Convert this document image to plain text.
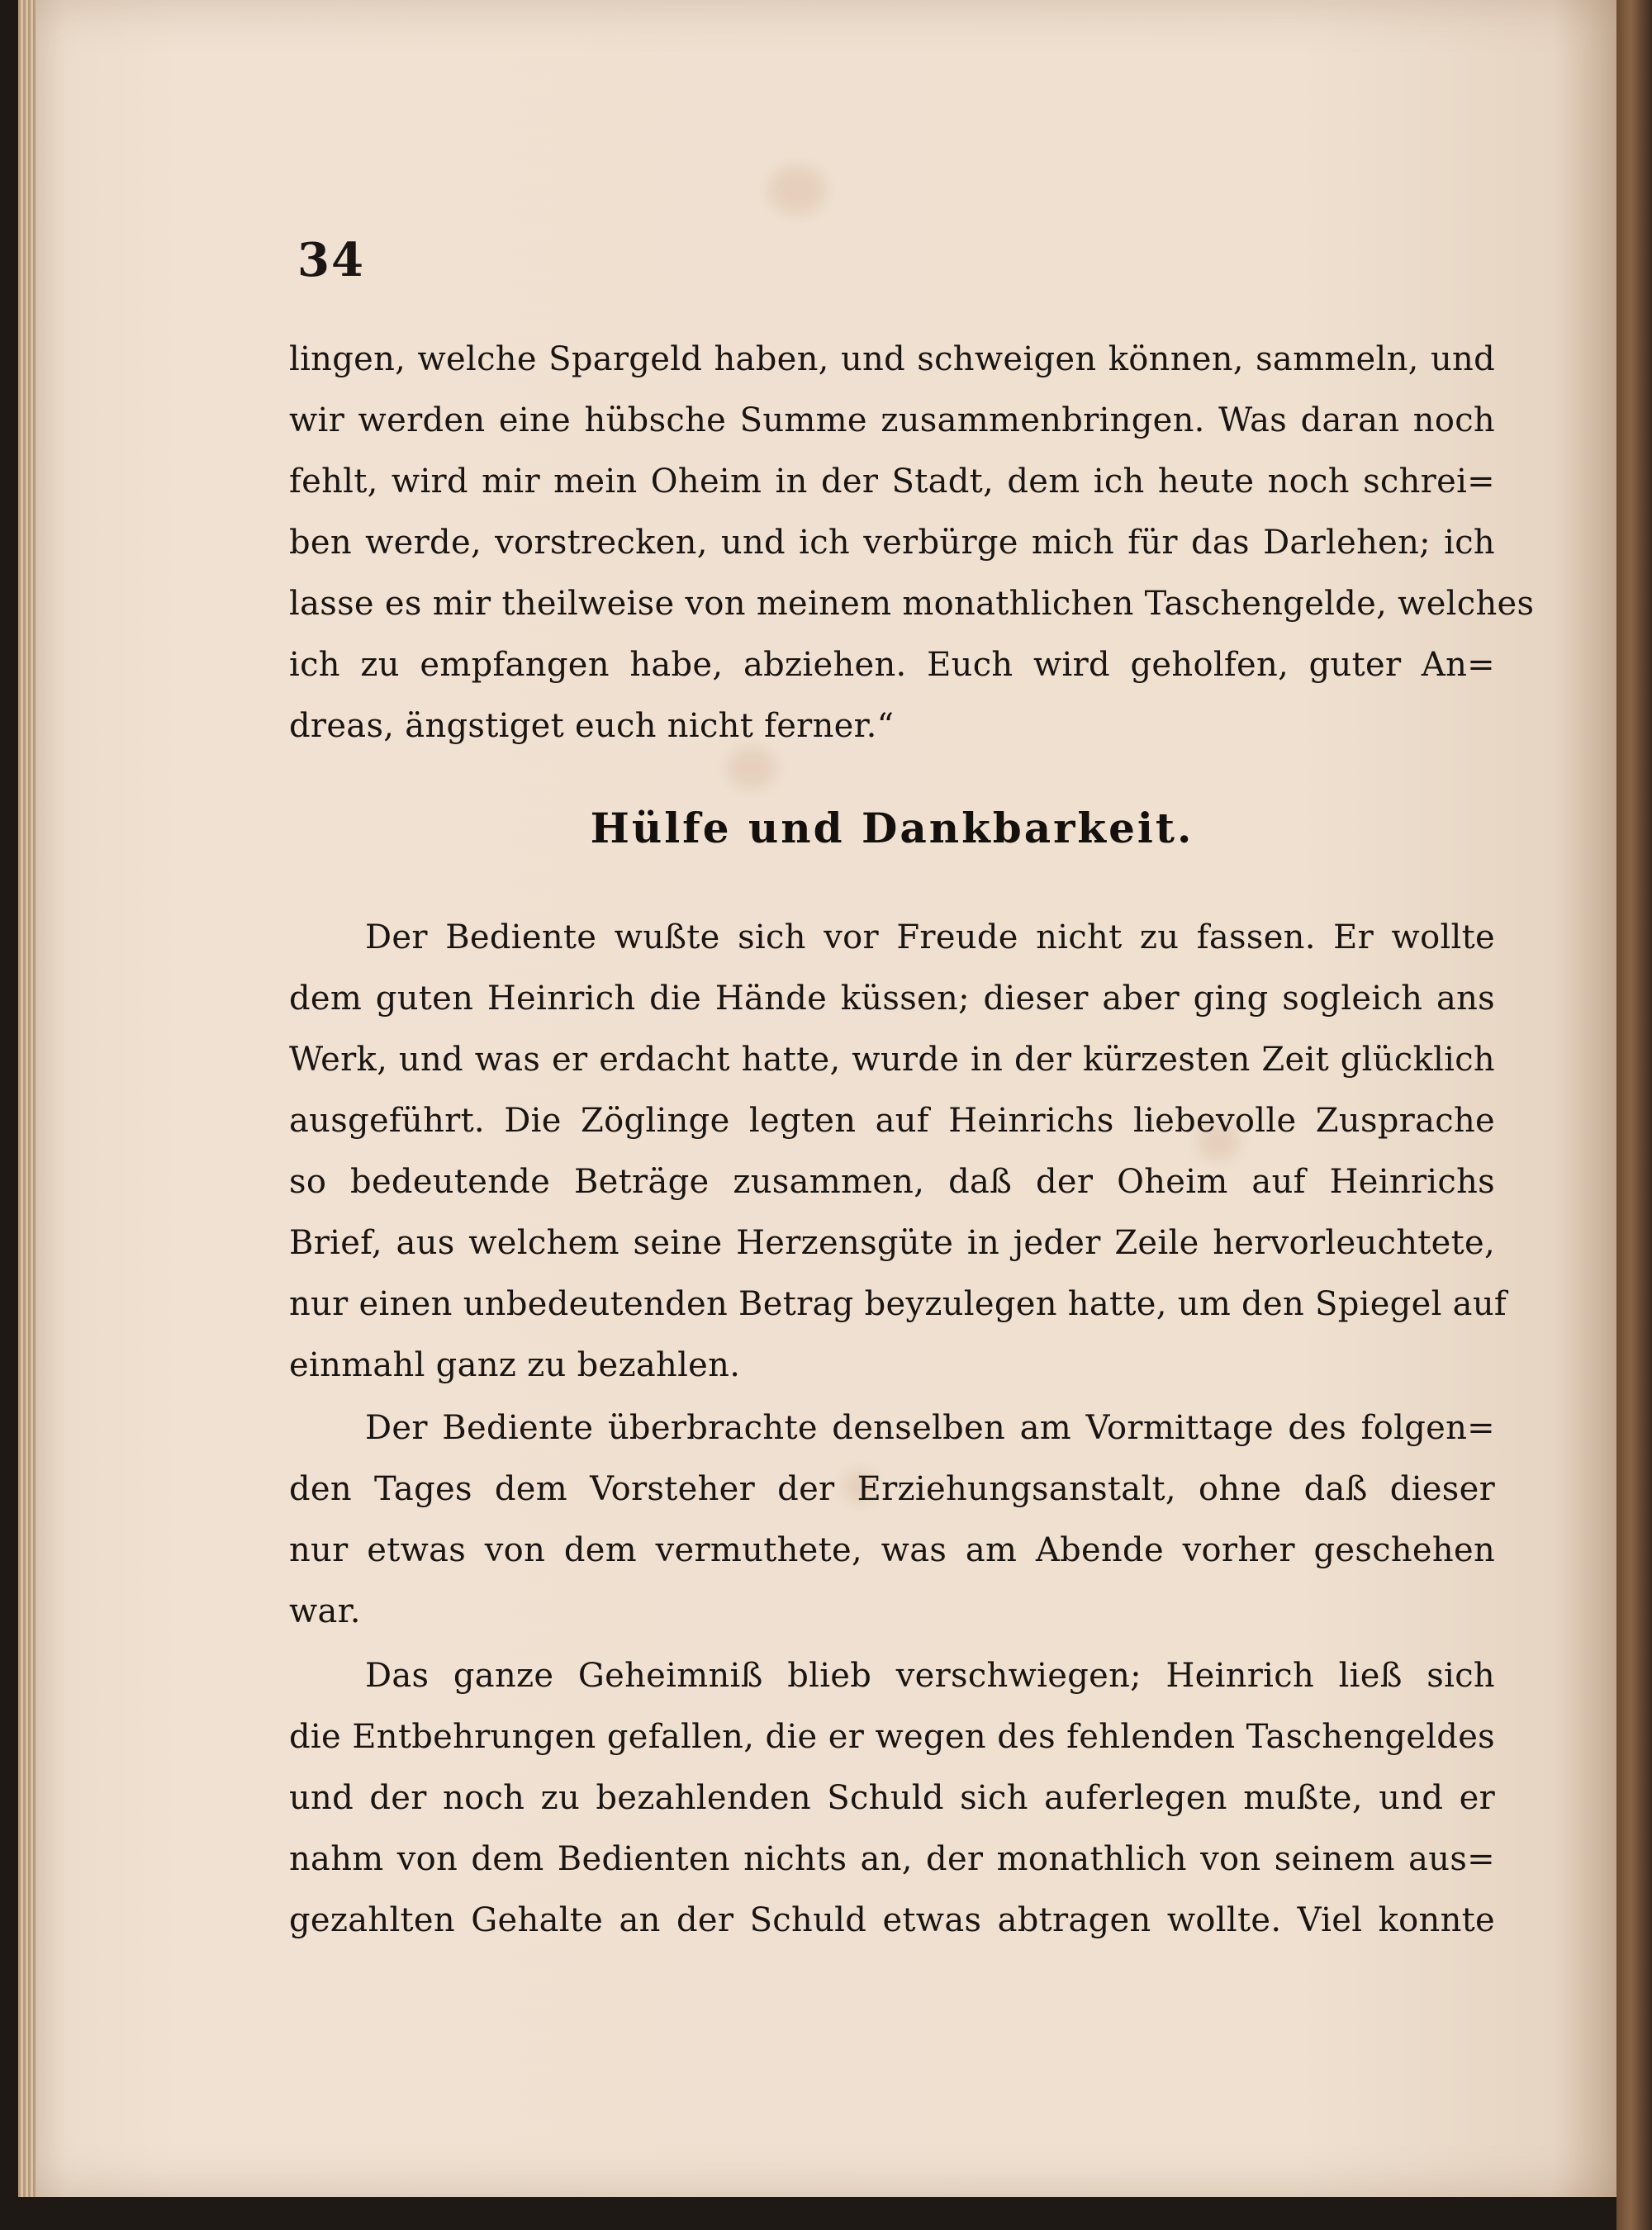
34
lingen, welche Spargeld haben, und schweigen können, sammeln, und
wir werden eine hübsche Summe zusammenbringen. Was daran noch
fehlt, wird mir mein Oheim in der Stadt, dem ich heute noch schrei=
ben werde, vorstrecken, und ich verbürge mich für das Darlehen; ich
lasse es mir theilweise von meinem monathlichen Taschengelde, welches
ich zu empfangen habe, abziehen. Euch wird geholfen, guter An=
dreas, ängstiget euch nicht ferner.“
Hülfe und Dankbarkeit.
Der Bediente wußte sich vor Freude nicht zu fassen. Er wollte
dem guten Heinrich die Hände küssen; dieser aber ging sogleich ans
Werk, und was er erdacht hatte, wurde in der kürzesten Zeit glücklich
ausgeführt. Die Zöglinge legten auf Heinrichs liebevolle Zusprache
so bedeutende Beträge zusammen, daß der Oheim auf Heinrichs
Brief, aus welchem seine Herzensgüte in jeder Zeile hervorleuchtete,
nur einen unbedeutenden Betrag beyzulegen hatte, um den Spiegel auf
einmahl ganz zu bezahlen.
Der Bediente überbrachte denselben am Vormittage des folgen=
den Tages dem Vorsteher der Erziehungsanstalt, ohne daß dieser
nur etwas von dem vermuthete, was am Abende vorher geschehen
war.
Das ganze Geheimniß blieb verschwiegen; Heinrich ließ sich
die Entbehrungen gefallen, die er wegen des fehlenden Taschengeldes
und der noch zu bezahlenden Schuld sich auferlegen mußte, und er
nahm von dem Bedienten nichts an, der monathlich von seinem aus=
gezahlten Gehalte an der Schuld etwas abtragen wollte. Viel konnte
